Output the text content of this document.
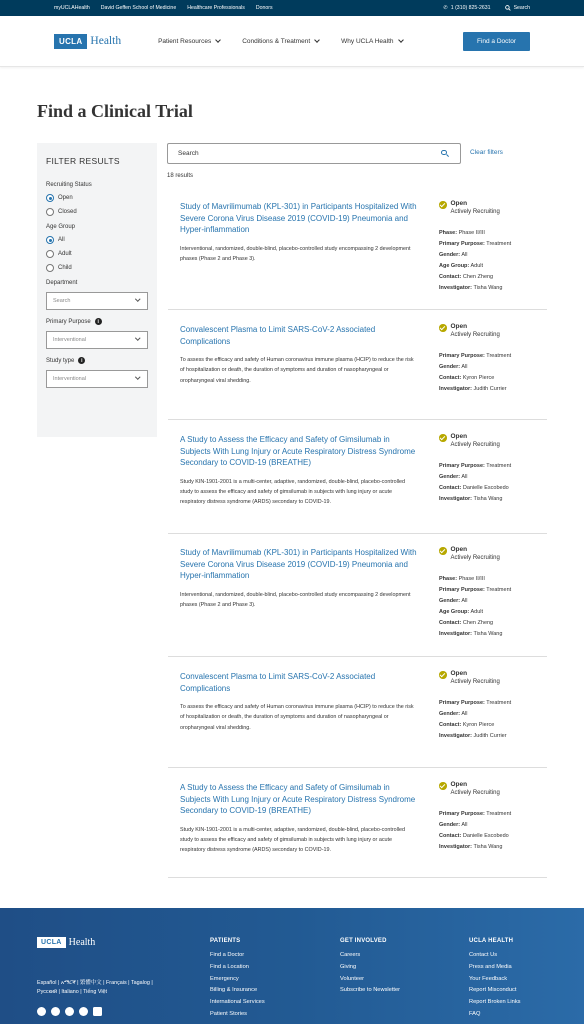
myUCLAHealth David Geffen School of Medicine Healthcare Professionals Donors	✆ 1 (310) 825-2631	Search
UCLA Health	Patient Resources	Conditions & Treatment	Why UCLA Health	Find a Doctor
Find a Clinical Trial
FILTER RESULTS
Recruiting Status
Open
Closed
Age Group
All
Adult
Child
Department
Search
Primary Purpose	i
Interventional
Study type	i
Interventional
Search	Clear filters
18 results
Study of Mavrilimumab (KPL-301) in Participants Hospitalized With Severe Corona Virus Disease 2019 (COVID-19) Pneumonia and Hyper-inflammation
Interventional, randomized, double-blind, placebo-controlled study encompassing 2 development phases (Phase 2 and Phase 3).
Open
Actively Recruiting
Phase: Phase II/III
Primary Purpose: Treatment
Gender: All
Age Group: Adult
Contact: Chen Zheng
Investigator: Tisha Wang
Convalescent Plasma to Limit SARS-CoV-2 Associated Complications
To assess the efficacy and safety of Human coronavirus immune plasma (HCIP) to reduce the risk of hospitalization or death, the duration of symptoms and duration of nasopharyngeal or oropharyngeal viral shedding.
Open
Actively Recruiting
Primary Purpose: Treatment
Gender: All
Contact: Kyron Pierce
Investigator: Judith Currier
A Study to Assess the Efficacy and Safety of Gimsilumab in Subjects With Lung Injury or Acute Respiratory Distress Syndrome Secondary to COVID-19 (BREATHE)
Study KIN-1901-2001 is a multi-center, adaptive, randomized, double-blind, placebo-controlled study to assess the efficacy and safety of gimsilumab in subjects with lung injury or acute respiratory distress syndrome (ARDS) secondary to COVID-19.
Open
Actively Recruiting
Primary Purpose: Treatment
Gender: All
Contact: Danielle Escobedo
Investigator: Tisha Wang
Study of Mavrilimumab (KPL-301) in Participants Hospitalized With Severe Corona Virus Disease 2019 (COVID-19) Pneumonia and Hyper-inflammation
Interventional, randomized, double-blind, placebo-controlled study encompassing 2 development phases (Phase 2 and Phase 3).
Open
Actively Recruiting
Phase: Phase II/III
Primary Purpose: Treatment
Gender: All
Age Group: Adult
Contact: Chen Zheng
Investigator: Tisha Wang
Convalescent Plasma to Limit SARS-CoV-2 Associated Complications
To assess the efficacy and safety of Human coronavirus immune plasma (HCIP) to reduce the risk of hospitalization or death, the duration of symptoms and duration of nasopharyngeal or oropharyngeal viral shedding.
Open
Actively Recruiting
Primary Purpose: Treatment
Gender: All
Contact: Kyron Pierce
Investigator: Judith Currier
A Study to Assess the Efficacy and Safety of Gimsilumab in Subjects With Lung Injury or Acute Respiratory Distress Syndrome Secondary to COVID-19 (BREATHE)
Study KIN-1901-2001 is a multi-center, adaptive, randomized, double-blind, placebo-controlled study to assess the efficacy and safety of gimsilumab in subjects with lung injury or acute respiratory distress syndrome (ARDS) secondary to COVID-19.
Open
Actively Recruiting
Primary Purpose: Treatment
Gender: All
Contact: Danielle Escobedo
Investigator: Tisha Wang
UCLA Health
Español | አማርኛ | 繁體中文 | Français | Tagalog | Русский | Italiano | Tiếng Việt
PATIENTS
Find a Doctor
Find a Location
Emergency
Billing & Insurance
International Services
Patient Stories
GET INVOLVED
Careers
Giving
Volunteer
Subscribe to Newsletter
UCLA HEALTH
Contact Us
Press and Media
Your Feedback
Report Misconduct
Report Broken Links
FAQ
